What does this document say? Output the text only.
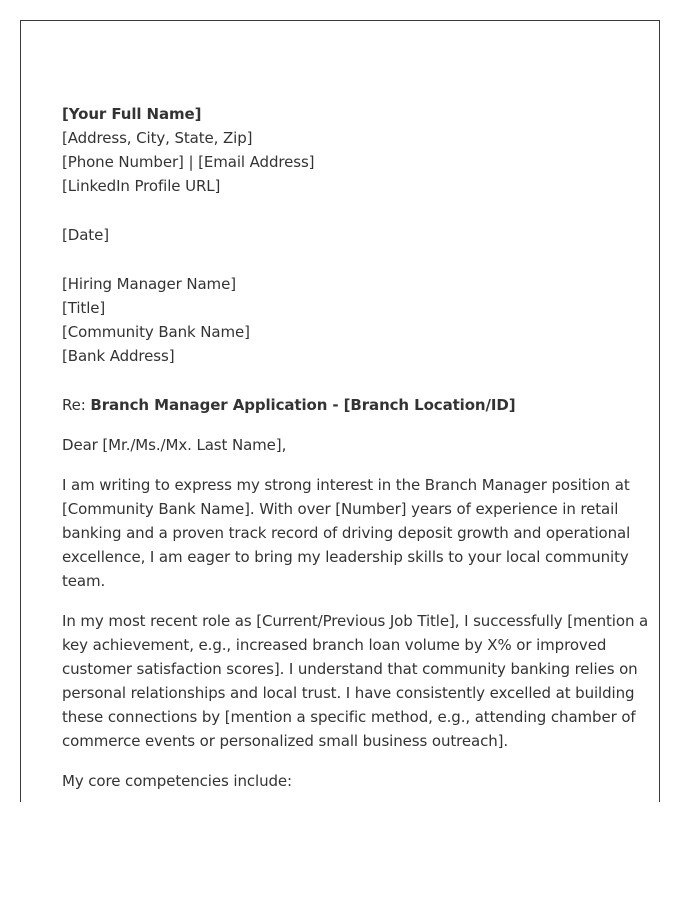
[Your Full Name]
[Address, City, State, Zip]
[Phone Number] | [Email Address]
[LinkedIn Profile URL]
[Date]
[Hiring Manager Name]
[Title]
[Community Bank Name]
[Bank Address]
Re: Branch Manager Application - [Branch Location/ID]
Dear [Mr./Ms./Mx. Last Name],
I am writing to express my strong interest in the Branch Manager position at
[Community Bank Name]. With over [Number] years of experience in retail
banking and a proven track record of driving deposit growth and operational
excellence, I am eager to bring my leadership skills to your local community
team.
In my most recent role as [Current/Previous Job Title], I successfully [mention a
key achievement, e.g., increased branch loan volume by X% or improved
customer satisfaction scores]. I understand that community banking relies on
personal relationships and local trust. I have consistently excelled at building
these connections by [mention a specific method, e.g., attending chamber of
commerce events or personalized small business outreach].
My core competencies include:
